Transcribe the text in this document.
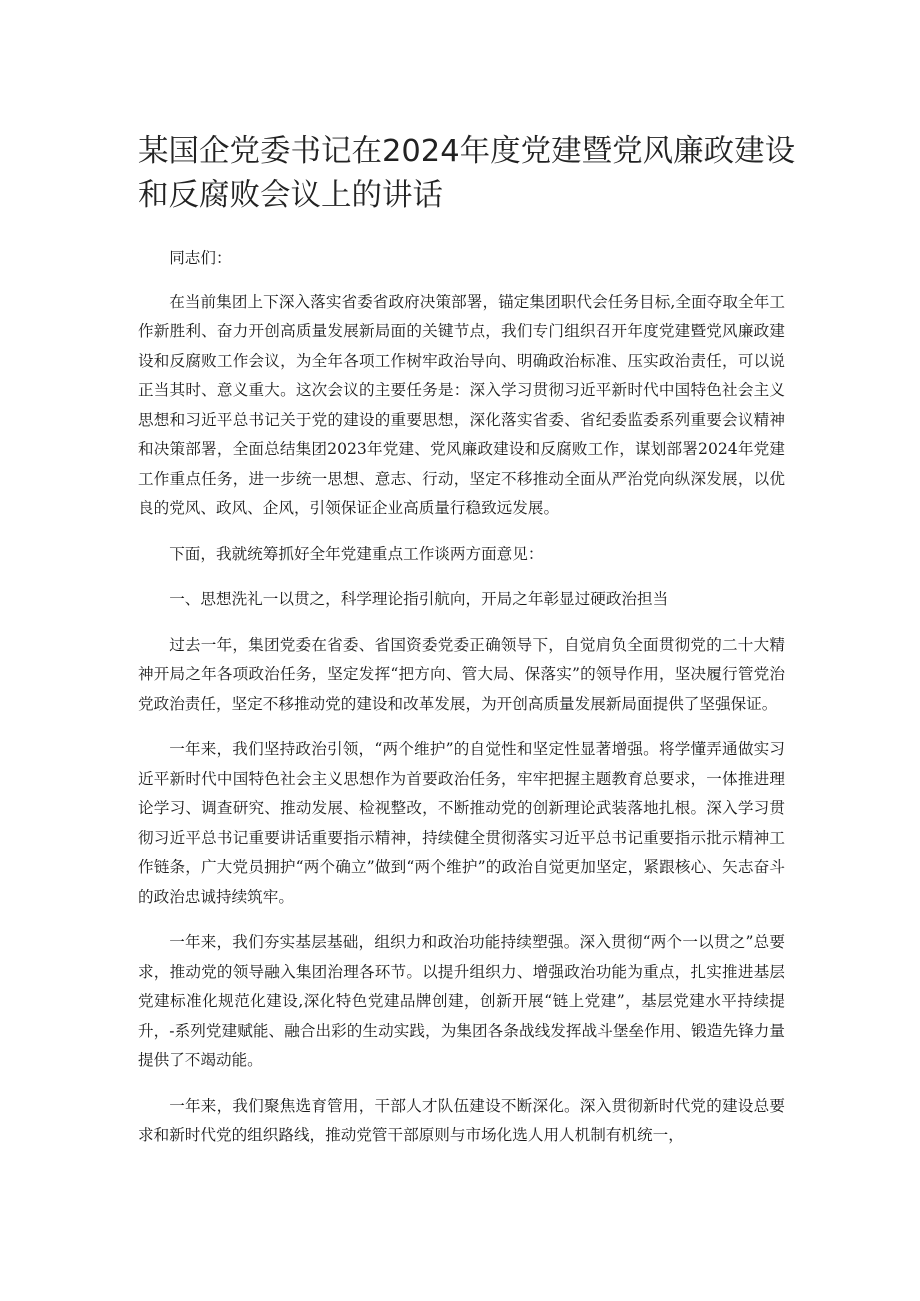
某国企党委书记在2024年度党建暨党风廉政建设和反腐败会议上的讲话

同志们：

在当前集团上下深入落实省委省政府决策部署，锚定集团职代会任务目标,全面夺取全年工作新胜利、奋力开创高质量发展新局面的关键节点，我们专门组织召开年度党建暨党风廉政建设和反腐败工作会议，为全年各项工作树牢政治导向、明确政治标准、压实政治责任，可以说正当其时、意义重大。这次会议的主要任务是：深入学习贯彻习近平新时代中国特色社会主义思想和习近平总书记关于党的建设的重要思想，深化落实省委、省纪委监委系列重要会议精神和决策部署，全面总结集团2023年党建、党风廉政建设和反腐败工作，谋划部署2024年党建工作重点任务，进一步统一思想、意志、行动，坚定不移推动全面从严治党向纵深发展，以优良的党风、政风、企风，引领保证企业高质量行稳致远发展。

下面，我就统筹抓好全年党建重点工作谈两方面意见：

一、思想洗礼一以贯之，科学理论指引航向，开局之年彰显过硬政治担当

过去一年，集团党委在省委、省国资委党委正确领导下，自觉肩负全面贯彻党的二十大精神开局之年各项政治任务，坚定发挥“把方向、管大局、保落实”的领导作用，坚决履行管党治党政治责任，坚定不移推动党的建设和改革发展，为开创高质量发展新局面提供了坚强保证。

一年来，我们坚持政治引领，“两个维护”的自觉性和坚定性显著增强。将学懂弄通做实习近平新时代中国特色社会主义思想作为首要政治任务，牢牢把握主题教育总要求，一体推进理论学习、调查研究、推动发展、检视整改，不断推动党的创新理论武装落地扎根。深入学习贯彻习近平总书记重要讲话重要指示精神，持续健全贯彻落实习近平总书记重要指示批示精神工作链条，广大党员拥护“两个确立”做到“两个维护”的政治自觉更加坚定，紧跟核心、矢志奋斗的政治忠诚持续筑牢。

一年来，我们夯实基层基础，组织力和政治功能持续塑强。深入贯彻“两个一以贯之”总要求，推动党的领导融入集团治理各环节。以提升组织力、增强政治功能为重点，扎实推进基层党建标准化规范化建设,深化特色党建品牌创建，创新开展“链上党建”，基层党建水平持续提升，-系列党建赋能、融合出彩的生动实践，为集团各条战线发挥战斗堡垒作用、锻造先锋力量提供了不竭动能。

一年来，我们聚焦选育管用，干部人才队伍建设不断深化。深入贯彻新时代党的建设总要求和新时代党的组织路线，推动党管干部原则与市场化选人用人机制有机统一，
